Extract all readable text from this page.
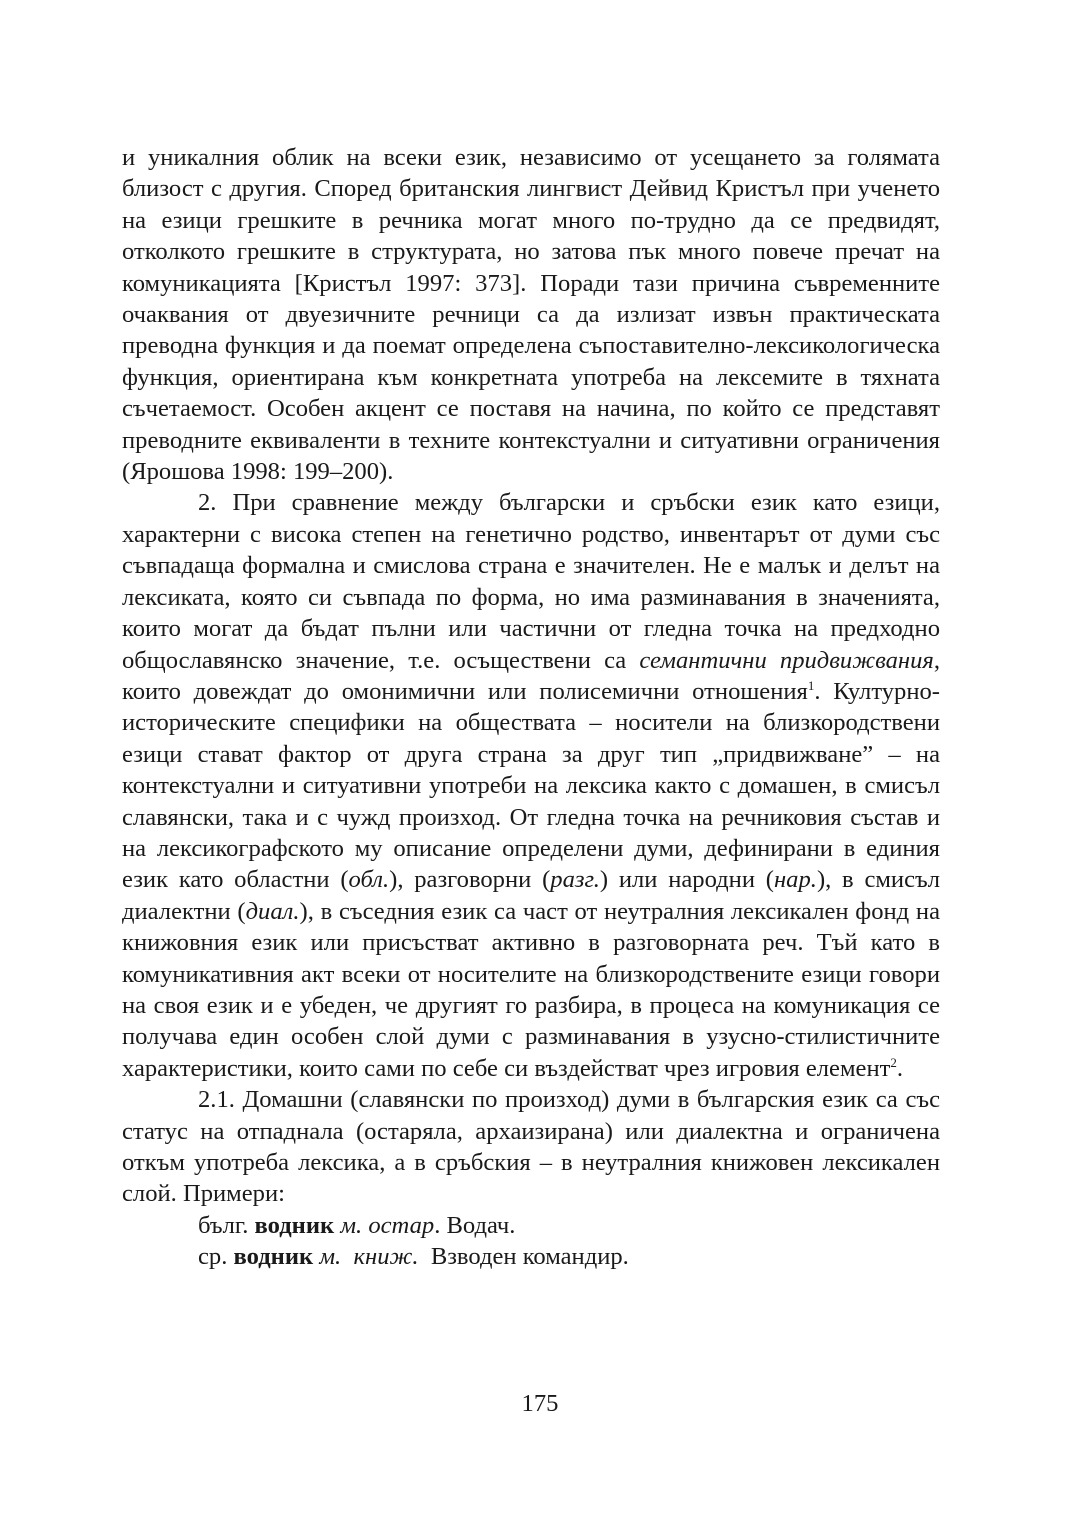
и уникалния облик на всеки език, независимо от усещането за голямата близост с другия. Според британския лингвист Дейвид Кристъл при ученето на езици грешките в речника могат много по-трудно да се предвидят, отколкото грешките в структурата, но затова пък много повече пречат на комуникацията [Кристъл 1997: 373]. Поради тази причина съвременните очаквания от двуезичните речници са да излизат извън практическата преводна функция и да поемат определена съпоставително-лексикологическа функция, ориентирана към конкретната употреба на лексемите в тяхната съчетаемост. Особен акцент се поставя на начина, по който се представят преводните еквиваленти в техните контекстуални и ситуативни ограничения (Ярошова 1998: 199–200).

2. При сравнение между български и сръбски език като езици, характерни с висока степен на генетично родство, инвентарът от думи със съвпадаща формална и смислова страна е значителен. Не е малък и делът на лексиката, която си съвпада по форма, но има разминавания в значенията, които могат да бъдат пълни или частични от гледна точка на предходно общославянско значение, т.е. осъществени са семантични придвижвания, които довеждат до омонимични или полисемични отношения$^1$. Културно-историческите специфики на обществата – носители на близкородствени езици стават фактор от друга страна за друг тип „придвижване” – на контекстуални и ситуативни употреби на лексика както с домашен, в смисъл славянски, така и с чужд произход. От гледна точка на речниковия състав и на лексикографското му описание определени думи, дефинирани в единия език като областни (обл.), разговорни (разг.) или народни (нар.), в смисъл диалектни (диал.), в съседния език са част от неутралния лексикален фонд на книжовния език или присъстват активно в разговорната реч. Тъй като в комуникативния акт всеки от носителите на близкородствените езици говори на своя език и е убеден, че другият го разбира, в процеса на комуникация се получава един особен слой думи с разминавания в узусно-стилистичните характеристики, които сами по себе си въздействат чрез игровия елемент$^2$.

2.1. Домашни (славянски по произход) думи в българския език са със статус на отпаднала (остаряла, архаизирана) или диалектна и ограничена откъм употреба лексика, а в сръбския – в неутралния книжовен лексикален слой. Примери:

бълг. водник м. остар. Водач.

ср. водник м.  книж. Взводен командир.

175
